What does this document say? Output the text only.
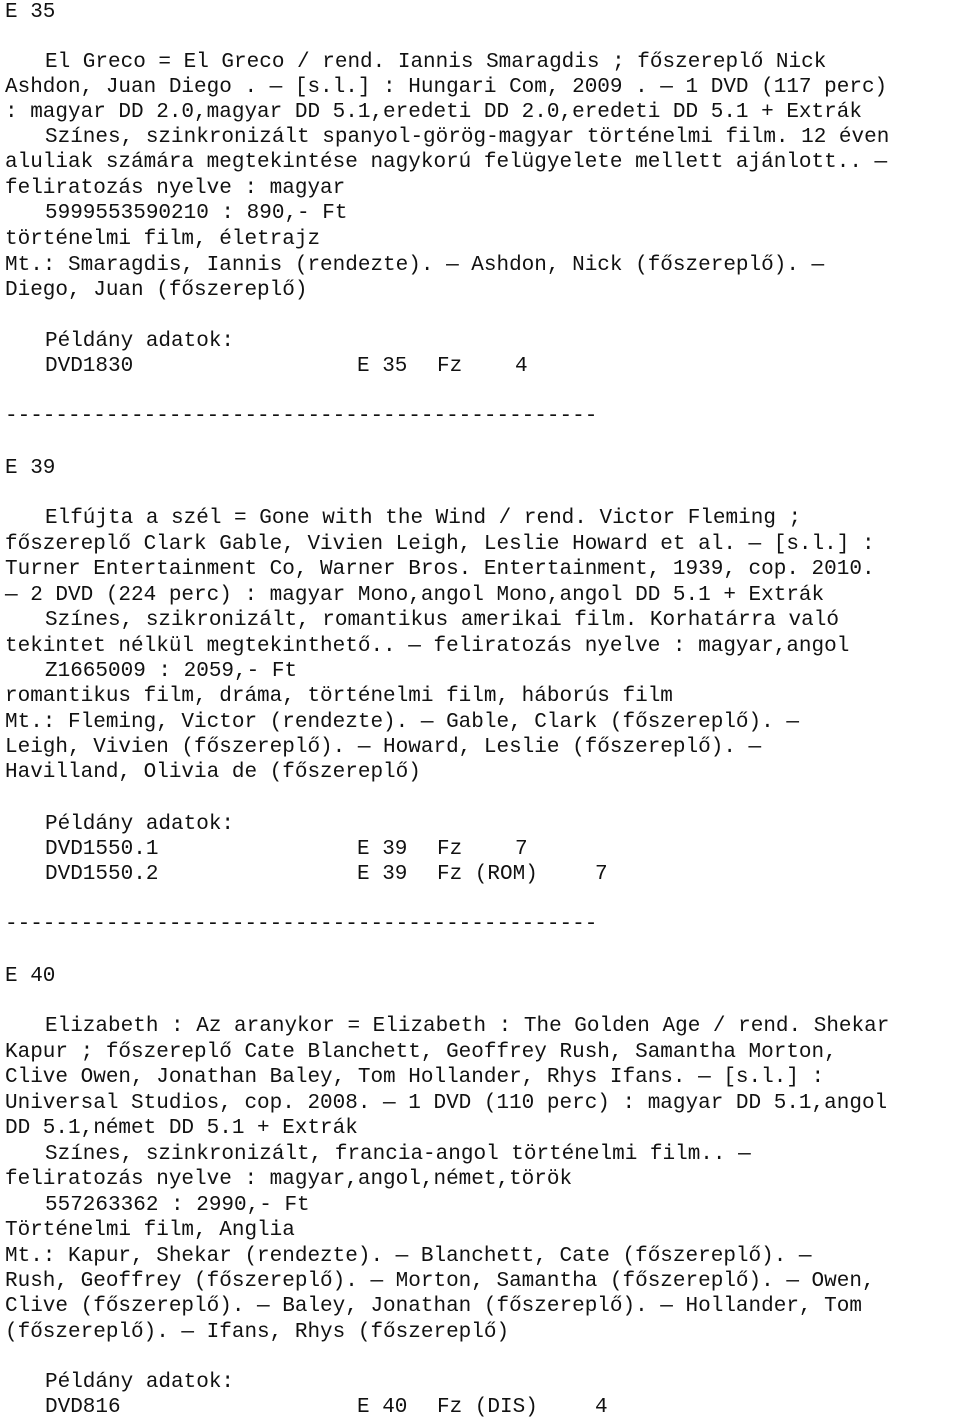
E 35
El Greco = El Greco / rend. Iannis Smaragdis ; főszereplő Nick
Ashdon, Juan Diego . — [s.l.] : Hungari Com, 2009 . — 1 DVD (117 perc)
: magyar DD 2.0,magyar DD 5.1,eredeti DD 2.0,eredeti DD 5.1 + Extrák
Színes, szinkronizált spanyol-görög-magyar történelmi film. 12 éven
aluliak számára megtekintése nagykorú felügyelete mellett ajánlott.. —
feliratozás nyelve : magyar
5999553590210 : 890,- Ft
történelmi film, életrajz
Mt.: Smaragdis, Iannis (rendezte). — Ashdon, Nick (főszereplő). —
Diego, Juan (főszereplő)
Példány adatok:
DVD1830	E 35 Fz	4
-----------------------------------------------
E 39
Elfújta a szél = Gone with the Wind / rend. Victor Fleming ;
főszereplő Clark Gable, Vivien Leigh, Leslie Howard et al. — [s.l.] :
Turner Entertainment Co, Warner Bros. Entertainment, 1939, cop. 2010.
— 2 DVD (224 perc) : magyar Mono,angol Mono,angol DD 5.1 + Extrák
Színes, szikronizált, romantikus amerikai film. Korhatárra való
tekintet nélkül megtekinthető.. — feliratozás nyelve : magyar,angol
Z1665009 : 2059,- Ft
romantikus film, dráma, történelmi film, háborús film
Mt.: Fleming, Victor (rendezte). — Gable, Clark (főszereplő). —
Leigh, Vivien (főszereplő). — Howard, Leslie (főszereplő). —
Havilland, Olivia de (főszereplő)
Példány adatok:
DVD1550.1	E 39 Fz	7
DVD1550.2	E 39 Fz (ROM)	7
-----------------------------------------------
E 40
Elizabeth : Az aranykor = Elizabeth : The Golden Age / rend. Shekar
Kapur ; főszereplő Cate Blanchett, Geoffrey Rush, Samantha Morton,
Clive Owen, Jonathan Baley, Tom Hollander, Rhys Ifans. — [s.l.] :
Universal Studios, cop. 2008. — 1 DVD (110 perc) : magyar DD 5.1,angol
DD 5.1,német DD 5.1 + Extrák
Színes, szinkronizált, francia-angol történelmi film.. —
feliratozás nyelve : magyar,angol,német,török
557263362 : 2990,- Ft
Történelmi film, Anglia
Mt.: Kapur, Shekar (rendezte). — Blanchett, Cate (főszereplő). —
Rush, Geoffrey (főszereplő). — Morton, Samantha (főszereplő). — Owen,
Clive (főszereplő). — Baley, Jonathan (főszereplő). — Hollander, Tom
(főszereplő). — Ifans, Rhys (főszereplő)
Példány adatok:
DVD816	E 40 Fz (DIS)	4
